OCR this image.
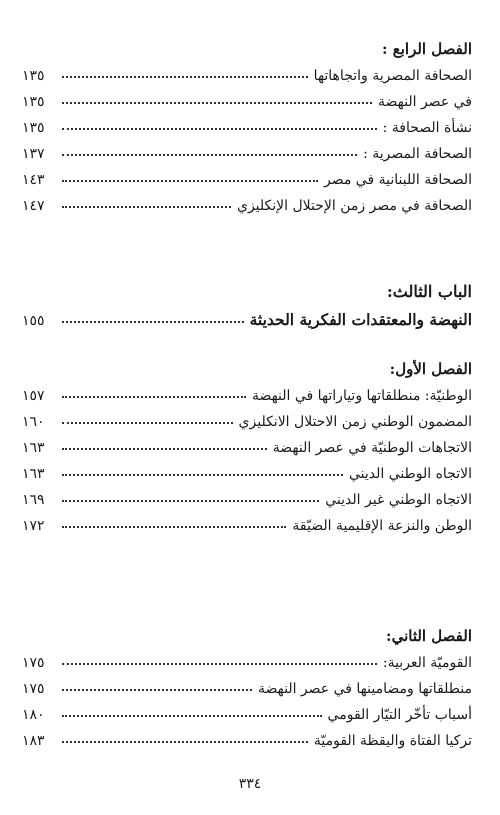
الفصل الرابع :
الصحافة المصرية واتجاهاتها
١٣٥
في عصر النهضة
١٣٥
نشأة الصحافة :
١٣٥
الصحافة المصرية :
١٣٧
الصحافة اللبنانية في مصر
١٤٣
الصحافة في مصر زمن الإحتلال الإنكليزي
١٤٧
الباب الثالث:
النهضة والمعتقدات الفكرية الحديثة
١٥٥
الفصل الأول:
الوطنيّة: منطلقاتها وتياراتها في النهضة
١٥٧
المضمون الوطني زمن الاحتلال الانكليزي
١٦٠
الاتجاهات الوطنيّة في عصر النهضة
١٦٣
الاتجاه الوطني الديني
١٦٣
الاتجاه الوطني غير الديني
١٦٩
الوطن والنزعة الإقليمية الضيّقة
١٧٢
الفصل الثاني:
القوميّة العربية:
١٧٥
منطلقاتها ومضامينها في عصر النهضة
١٧٥
أسباب تأخّر التيّار القومي
١٨٠
تركيا الفتاة واليقظة القوميّة
١٨٣
٣٣٤
